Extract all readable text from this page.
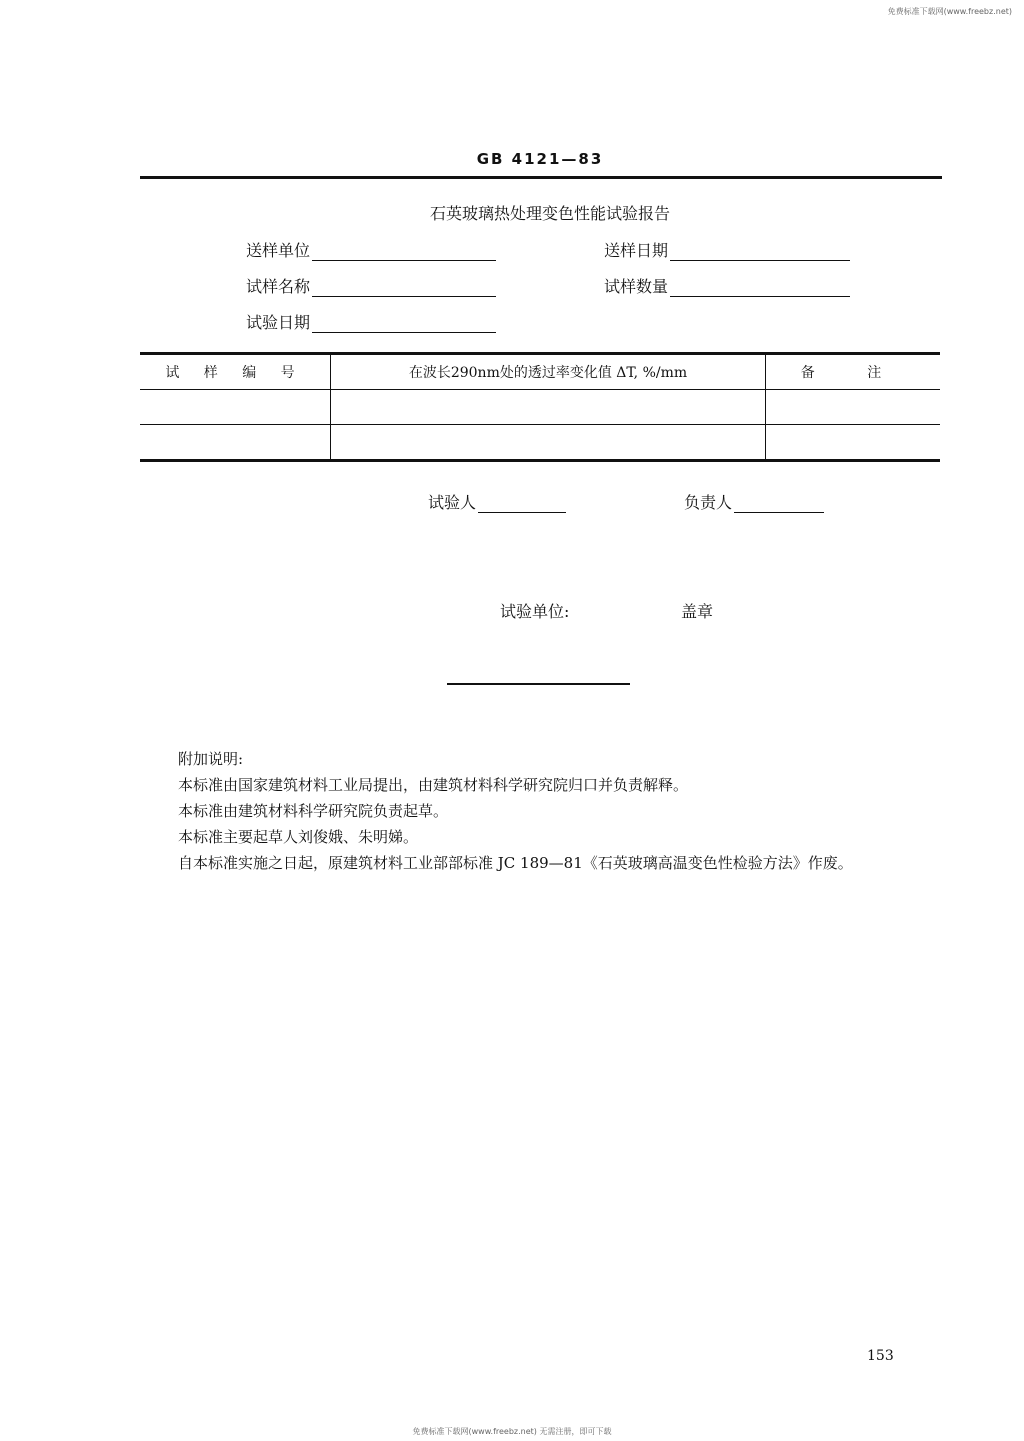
免费标准下载网(www.freebz.net)
GB 4121—83
石英玻璃热处理变色性能试验报告
送样单位	送样日期
试样名称	试样数量
试验日期
试 样 编 号	在波长290nm处的透过率变化值 ΔT, %/mm	备 注

试验人	负责人
试验单位:	盖章

附加说明:

本标准由国家建筑材料工业局提出，由建筑材料科学研究院归口并负责解释。

本标准由建筑材料科学研究院负责起草。

本标准主要起草人刘俊娥、朱明娣。

自本标准实施之日起，原建筑材料工业部部标准 JC 189—81《石英玻璃高温变色性检验方法》作废。

153
免费标准下载网(www.freebz.net) 无需注册，即可下载
